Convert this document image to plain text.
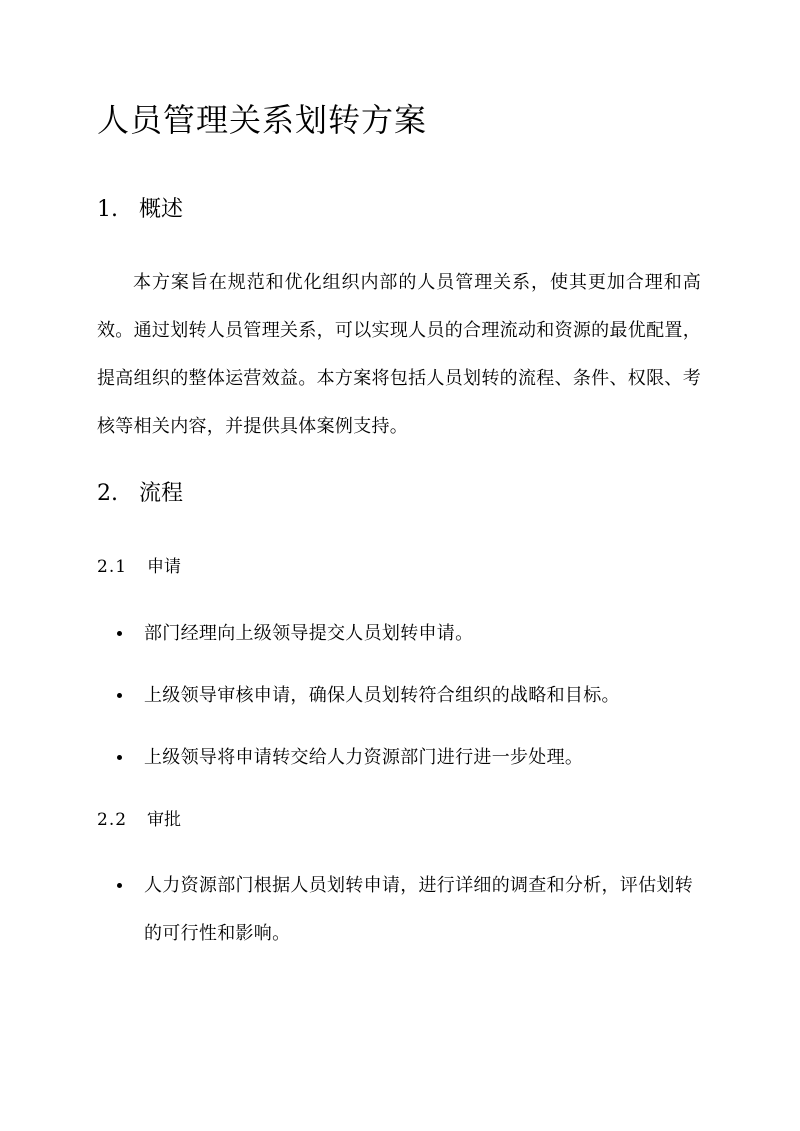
人员管理关系划转方案
1. 概述

本方案旨在规范和优化组织内部的人员管理关系，使其更加合理和高效。通过划转人员管理关系，可以实现人员的合理流动和资源的最优配置，提高组织的整体运营效益。本方案将包括人员划转的流程、条件、权限、考核等相关内容，并提供具体案例支持。

2. 流程
2.1 申请
部门经理向上级领导提交人员划转申请。
上级领导审核申请，确保人员划转符合组织的战略和目标。
上级领导将申请转交给人力资源部门进行进一步处理。
2.2 审批
人力资源部门根据人员划转申请，进行详细的调查和分析，评估划转的可行性和影响。
